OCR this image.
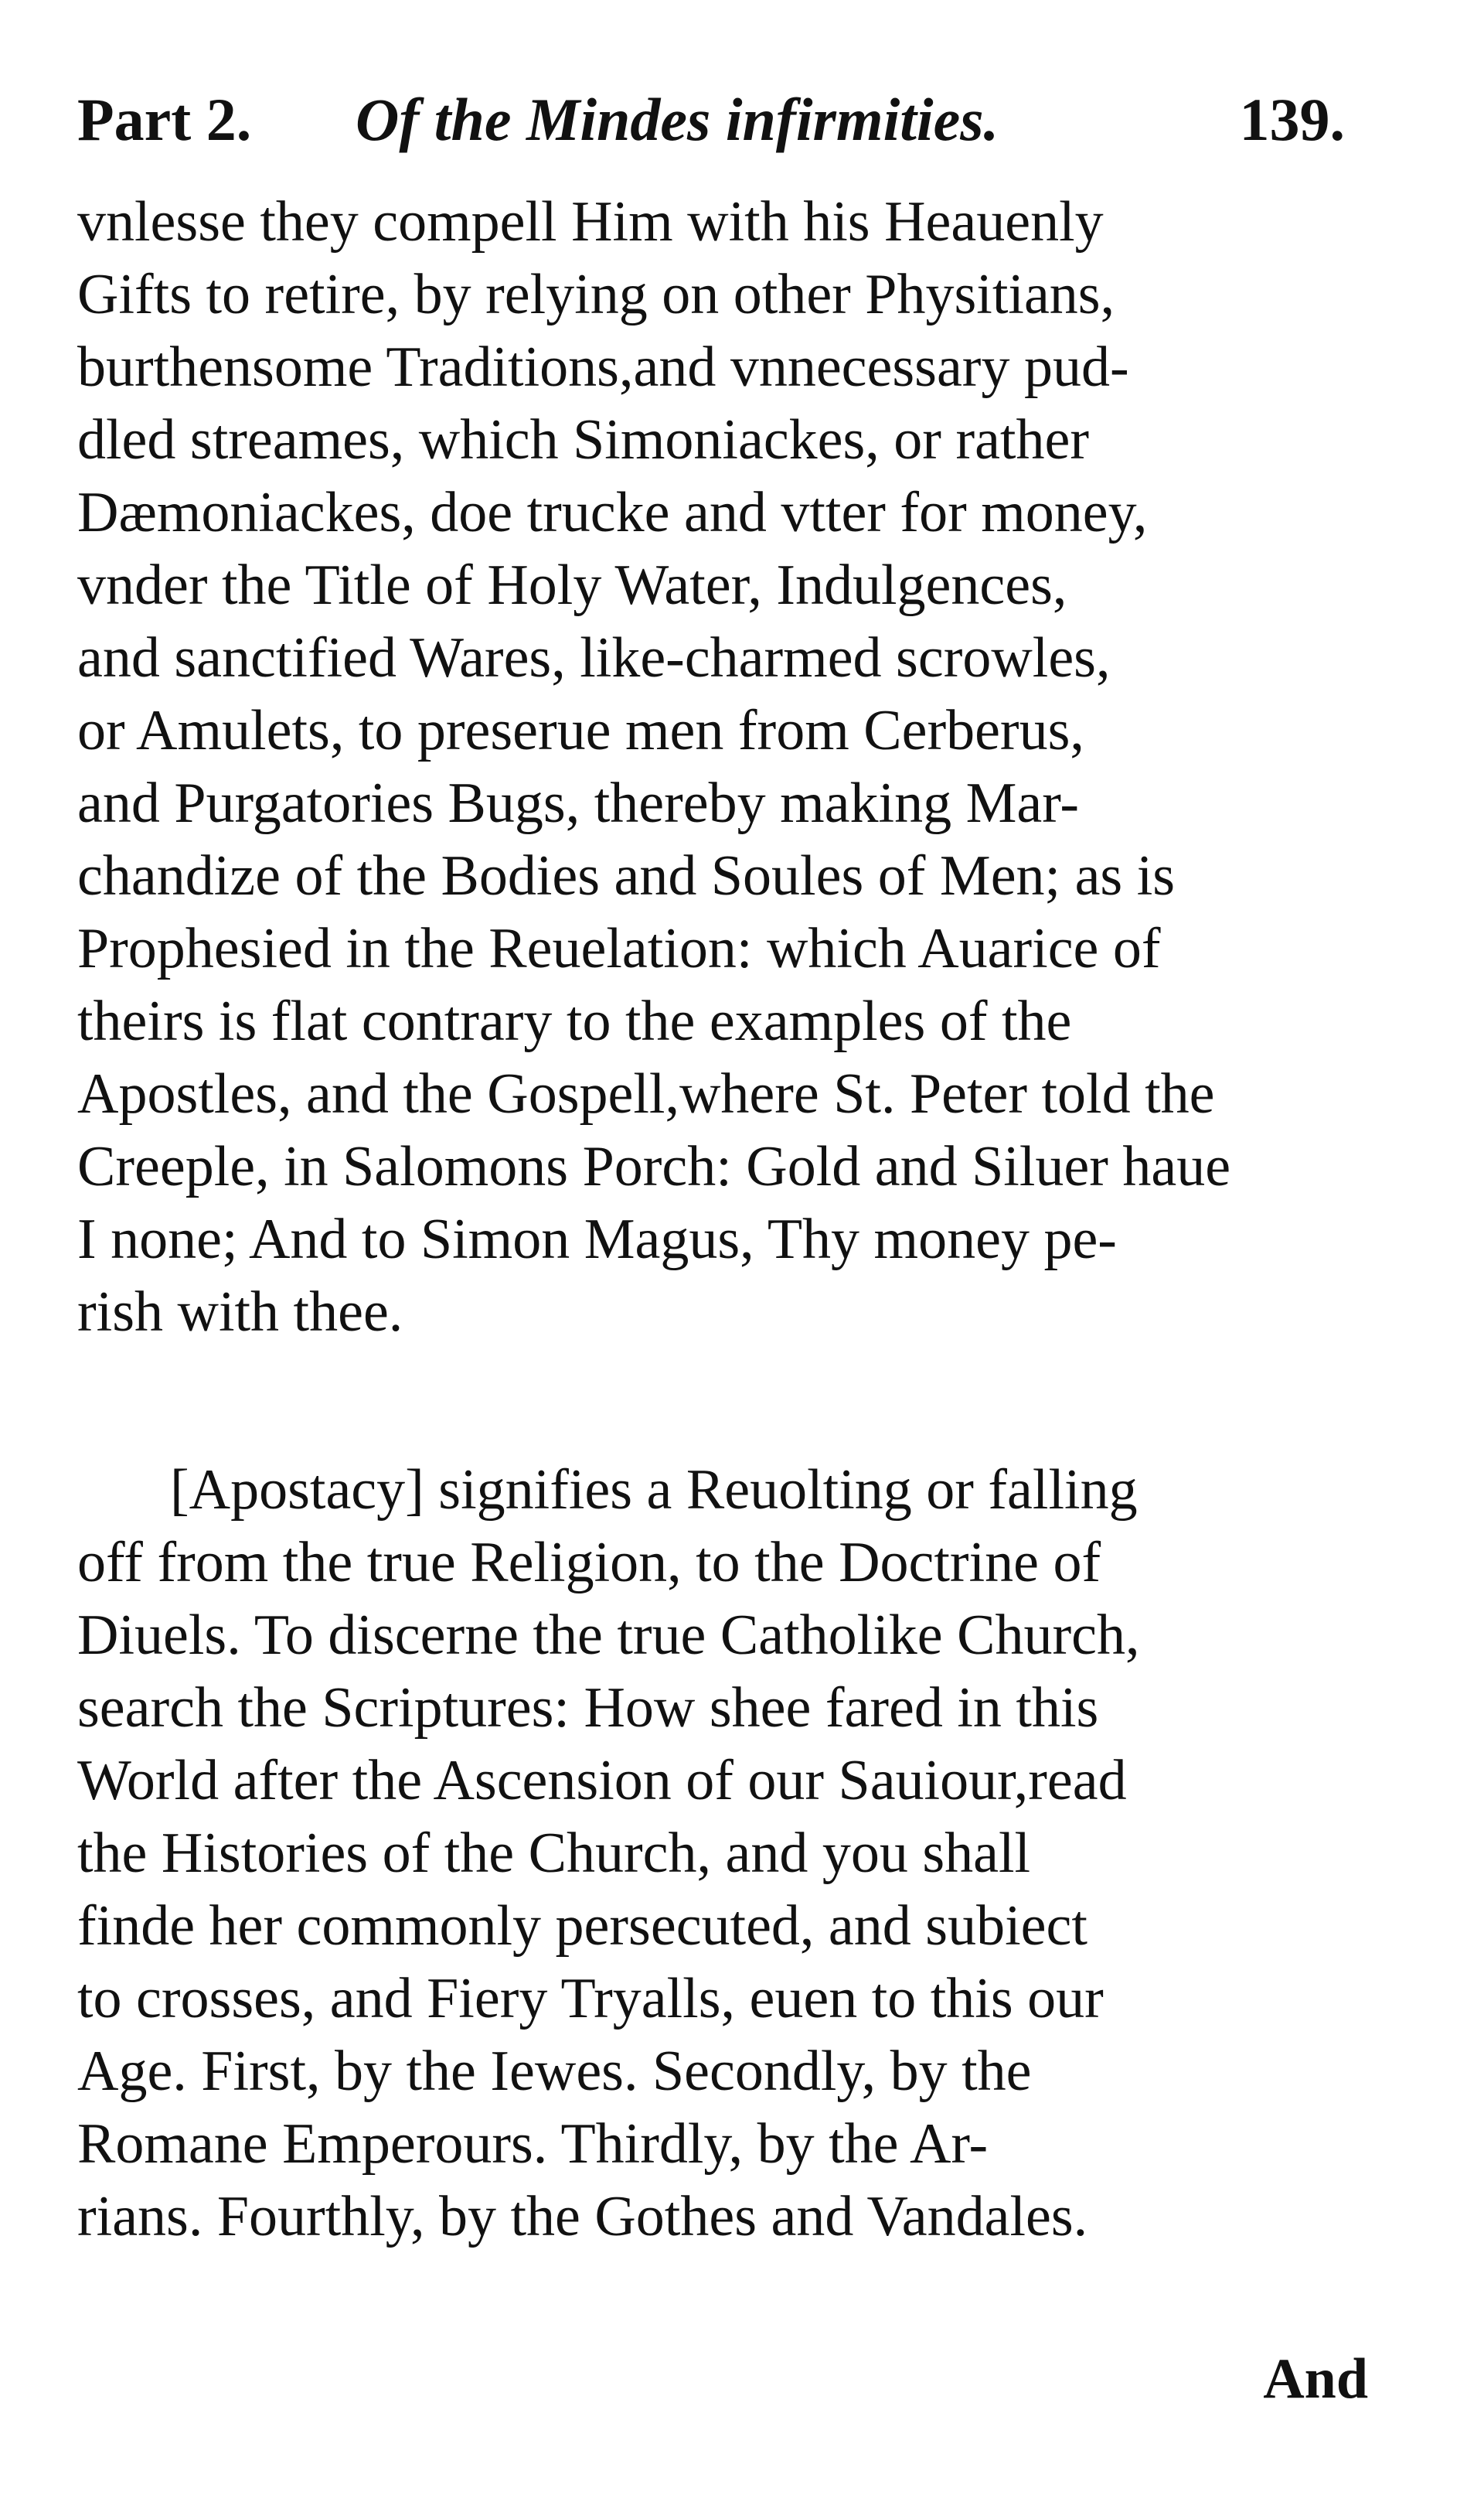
Part 2. Of the Mindes infirmities.	139.
vnlesse they compell Him with his Heauenly
Gifts to retire, by relying on other Physitians,
burthensome Traditions,and vnnecessary pud-
dled streames, which Simoniackes, or rather
Dæmoniackes, doe trucke and vtter for money,
vnder the Title of Holy Water, Indulgences,
and sanctified Wares, like-charmed scrowles,
or Amulets, to preserue men from Cerberus,
and Purgatories Bugs, thereby making Mar-
chandize of the Bodies and Soules of Men; as is
Prophesied in the Reuelation: which Auarice of
theirs is flat contrary to the examples of the
Apostles, and the Gospell,where St. Peter told the
Creeple, in Salomons Porch: Gold and Siluer haue
I none; And to Simon Magus, Thy money pe-
rish with thee.
[Apostacy] signifies a Reuolting or falling
off from the true Religion, to the Doctrine of
Diuels. To discerne the true Catholike Church,
search the Scriptures: How shee fared in this
World after the Ascension of our Sauiour,read
the Histories of the Church, and you shall
finde her commonly persecuted, and subiect
to crosses, and Fiery Tryalls, euen to this our
Age. First, by the Iewes. Secondly, by the
Romane Emperours. Thirdly, by the Ar-
rians. Fourthly, by the Gothes and Vandales.
And
